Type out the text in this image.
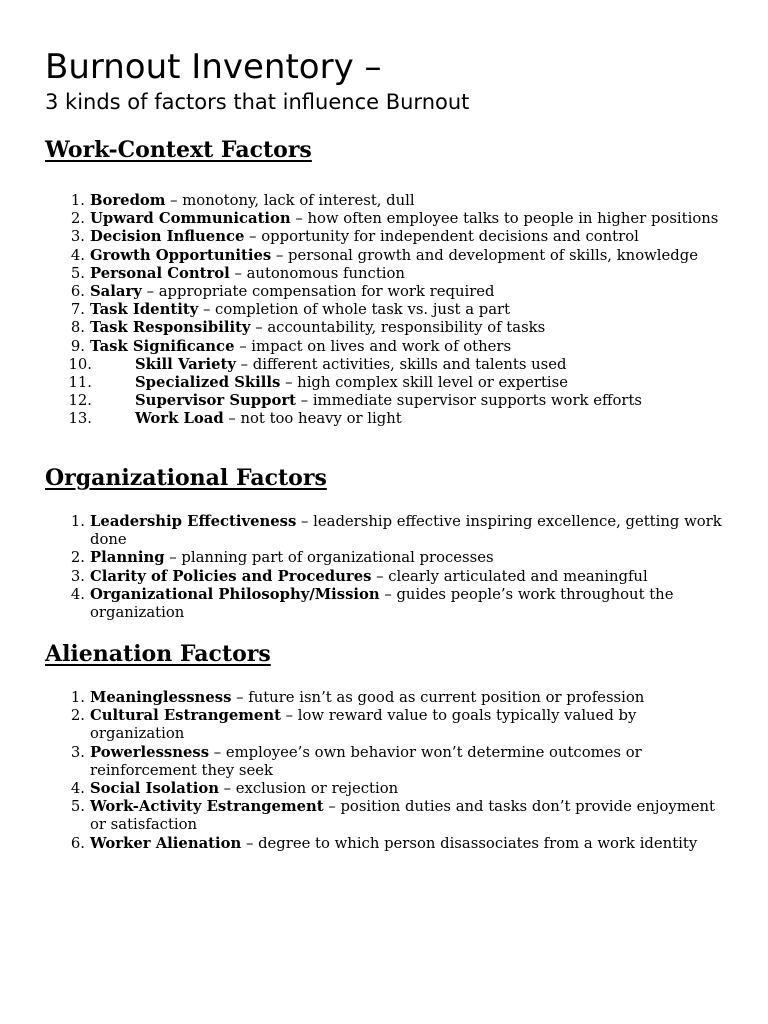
Burnout Inventory –
3 kinds of factors that influence Burnout
Work-Context Factors
1. Boredom – monotony, lack of interest, dull
2. Upward Communication – how often employee talks to people in higher positions
3. Decision Influence – opportunity for independent decisions and control
4. Growth Opportunities – personal growth and development of skills, knowledge
5. Personal Control – autonomous function
6. Salary – appropriate compensation for work required
7. Task Identity – completion of whole task vs. just a part
8. Task Responsibility – accountability, responsibility of tasks
9. Task Significance – impact on lives and work of others
10.	Skill Variety – different activities, skills and talents used
11.	Specialized Skills – high complex skill level or expertise
12.	Supervisor Support – immediate supervisor supports work efforts
13.	Work Load – not too heavy or light
Organizational Factors
1. Leadership Effectiveness – leadership effective inspiring excellence, getting work done
2. Planning – planning part of organizational processes
3. Clarity of Policies and Procedures – clearly articulated and meaningful
4. Organizational Philosophy/Mission – guides people’s work throughout the organization
Alienation Factors
1. Meaninglessness – future isn’t as good as current position or profession
2. Cultural Estrangement – low reward value to goals typically valued by organization
3. Powerlessness – employee’s own behavior won’t determine outcomes or reinforcement they seek
4. Social Isolation – exclusion or rejection
5. Work-Activity Estrangement – position duties and tasks don’t provide enjoyment or satisfaction
6. Worker Alienation – degree to which person disassociates from a work identity
